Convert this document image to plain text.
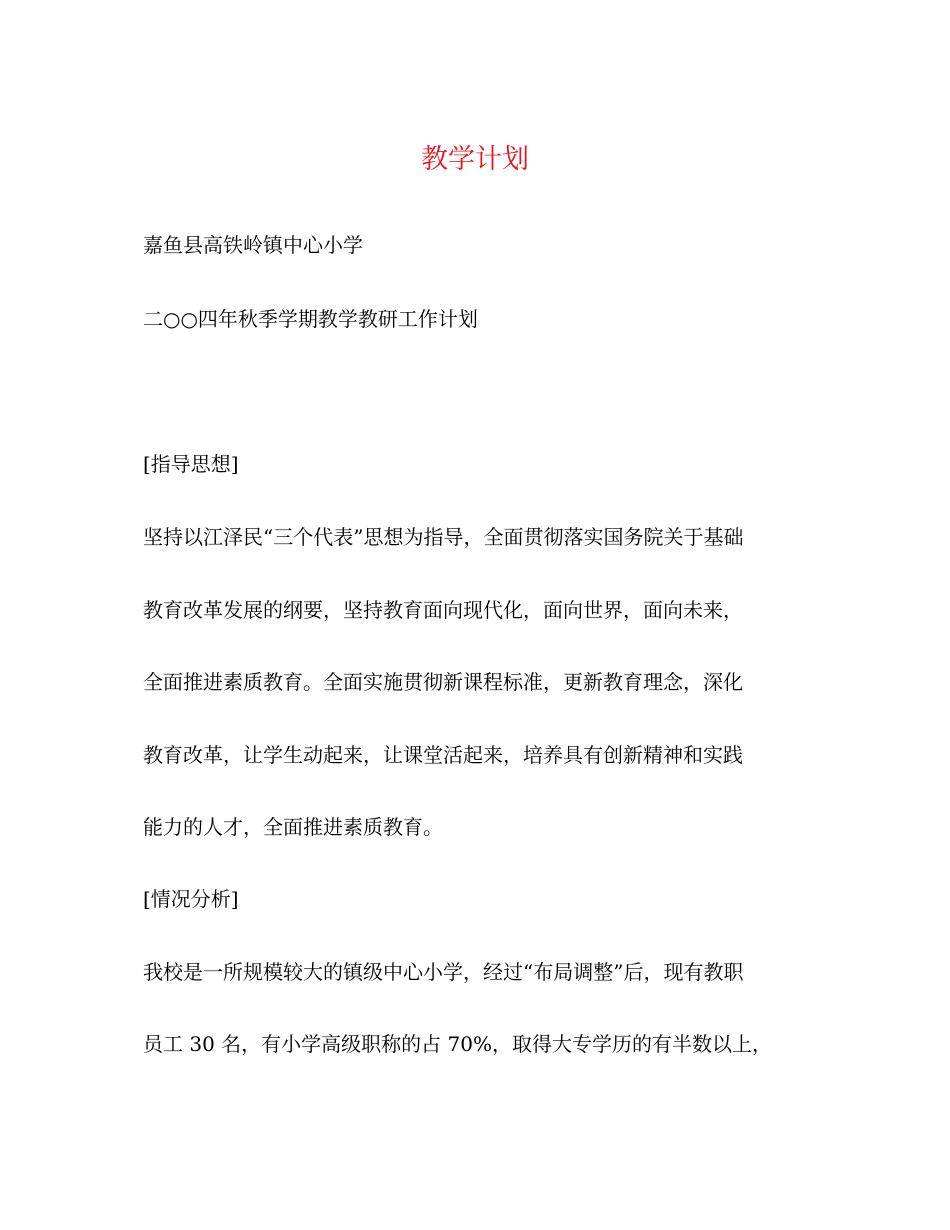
教学计划
嘉鱼县高铁岭镇中心小学
二○○四年秋季学期教学教研工作计划
[指导思想]
坚持以江泽民“三个代表”思想为指导，全面贯彻落实国务院关于基础
教育改革发展的纲要，坚持教育面向现代化，面向世界，面向未来，
全面推进素质教育。全面实施贯彻新课程标准，更新教育理念，深化
教育改革，让学生动起来，让课堂活起来，培养具有创新精神和实践
能力的人才，全面推进素质教育。
[情况分析]
我校是一所规模较大的镇级中心小学，经过“布局调整”后，现有教职
员工 30 名，有小学高级职称的占 70%，取得大专学历的有半数以上，
